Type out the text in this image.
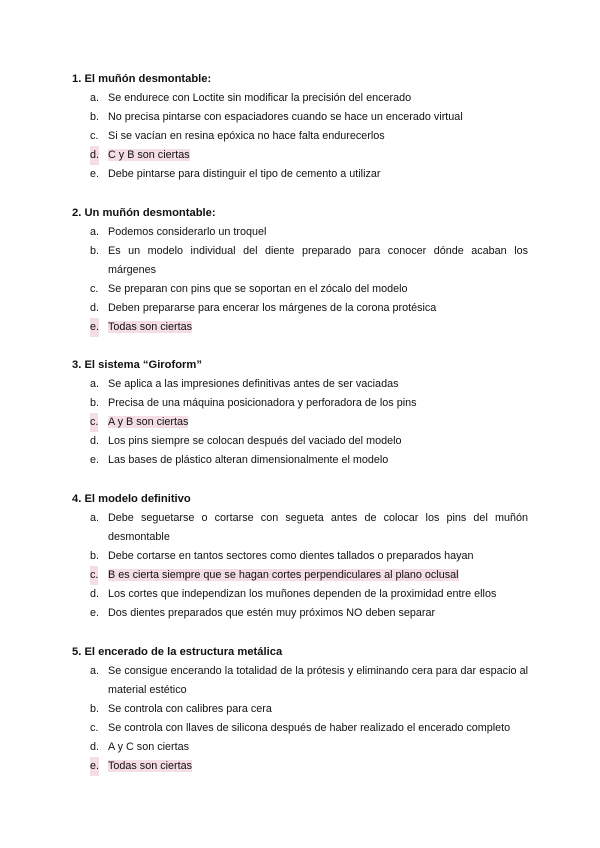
1. El muñón desmontable:

a. Se endurece con Loctite sin modificar la precisión del encerado
b. No precisa pintarse con espaciadores cuando se hace un encerado virtual
c. Si se vacían en resina epóxica no hace falta endurecerlos
d. C y B son ciertas
e. Debe pintarse para distinguir el tipo de cemento a utilizar

2. Un muñón desmontable:

a. Podemos considerarlo un troquel
b. Es un modelo individual del diente preparado para conocer dónde acaban los márgenes
c. Se preparan con pins que se soportan en el zócalo del modelo
d. Deben prepararse para encerar los márgenes de la corona protésica
e. Todas son ciertas

3. El sistema “Giroform”

a. Se aplica a las impresiones definitivas antes de ser vaciadas
b. Precisa de una máquina posicionadora y perforadora de los pins
c. A y B son ciertas
d. Los pins siempre se colocan después del vaciado del modelo
e. Las bases de plástico alteran dimensionalmente el modelo

4. El modelo definitivo

a. Debe seguetarse o cortarse con segueta antes de colocar los pins del muñón desmontable
b. Debe cortarse en tantos sectores como dientes tallados o preparados hayan
c. B es cierta siempre que se hagan cortes perpendiculares al plano oclusal
d. Los cortes que independizan los muñones dependen de la proximidad entre ellos
e. Dos dientes preparados que estén muy próximos NO deben separar

5. El encerado de la estructura metálica

a. Se consigue encerando la totalidad de la prótesis y eliminando cera para dar espacio al material estético
b. Se controla con calibres para cera
c. Se controla con llaves de silicona después de haber realizado el encerado completo
d. A y C son ciertas
e. Todas son ciertas
